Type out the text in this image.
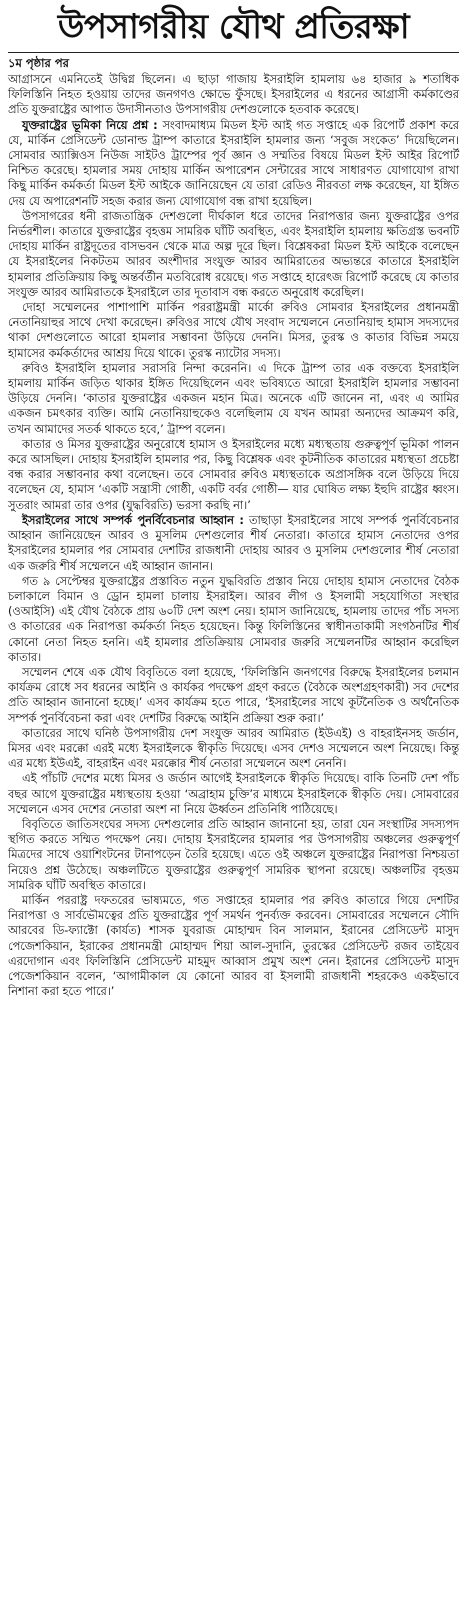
উপসাগরীয় যৌথ প্রতিরক্ষা
১ম পৃষ্ঠার পর

আগ্রাসনে এমনিতেই উদ্বিগ্ন ছিলেন। এ ছাড়া গাজায় ইসরাইলি হামলায় ৬৪ হাজার ৯ শতাধিক ফিলিস্তিনি নিহত হওয়ায় তাদের জনগণও ক্ষোভে ফুঁসছে। ইসরাইলের এ ধরনের আগ্রাসী কর্মকাণ্ডের প্রতি যুক্তরাষ্ট্রের আপাত উদাসীনতাও উপসাগরীয় দেশগুলোকে হতবাক করেছে।

যুক্তরাষ্ট্রের ভূমিকা নিয়ে প্রশ্ন : সংবাদমাধ্যম মিডল ইস্ট আই গত সপ্তাহে এক রিপোর্ট প্রকাশ করে যে, মার্কিন প্রেসিডেন্ট ডোনাল্ড ট্রাম্প কাতারে ইসরাইলি হামলার জন্য ‘সবুজ সংকেত’ দিয়েছিলেন। সোমবার অ্যাক্সিওস নিউজ সাইটও ট্রাম্পের পূর্ব জ্ঞান ও সম্মতির বিষয়ে মিডল ইস্ট আইর রিপোর্ট নিশ্চিত করেছে। হামলার সময় দোহায় মার্কিন অপারেশন সেন্টারের সাথে সাধারণত যোগাযোগ রাখা কিছু মার্কিন কর্মকর্তা মিডল ইস্ট আইকে জানিয়েছেন যে তারা রেডিও নীরবতা লক্ষ করেছেন, যা ইঙ্গিত দেয় যে অপারেশনটি সহজ করার জন্য যোগাযোগ বন্ধ রাখা হয়েছিল।

উপসাগরের ধনী রাজতান্ত্রিক দেশগুলো দীর্ঘকাল ধরে তাদের নিরাপত্তার জন্য যুক্তরাষ্ট্রের ওপর নির্ভরশীল। কাতারে যুক্তরাষ্ট্রের বৃহত্তম সামরিক ঘাঁটি অবস্থিত, এবং ইসরাইলি হামলায় ক্ষতিগ্রস্ত ভবনটি দোহায় মার্কিন রাষ্ট্রদূতের বাসভবন থেকে মাত্র অল্প দূরে ছিল। বিশ্লেষকরা মিডল ইস্ট আইকে বলেছেন যে ইসরাইলের নিকটতম আরব অংশীদার সংযুক্ত আরব আমিরাতের অভ্যন্তরে কাতারে ইসরাইলি হামলার প্রতিক্রিয়ায় কিছু অন্তর্বর্তীন মতবিরোধ রয়েছে। গত সপ্তাহে হারেৎজ রিপোর্ট করেছে যে কাতার সংযুক্ত আরব আমিরাতকে ইসরাইলে তার দূতাবাস বন্ধ করতে অনুরোধ করেছিল।

দোহা সম্মেলনের পাশাপাশি মার্কিন পররাষ্ট্রমন্ত্রী মার্কো রুবিও সোমবার ইসরাইলের প্রধানমন্ত্রী নেতানিয়াহুর সাথে দেখা করেছেন। রুবিওর সাথে যৌথ সংবাদ সম্মেলনে নেতানিয়াহু হামাস সদস্যদের থাকা দেশগুলোতে আরো হামলার সম্ভাবনা উড়িয়ে দেননি। মিসর, তুরস্ক ও কাতার বিভিন্ন সময়ে হামাসের কর্মকর্তাদের আশ্রয় দিয়ে থাকে। তুরস্ক ন্যাটোর সদস্য।

রুবিও ইসরাইলি হামলার সরাসরি নিন্দা করেননি। এ দিকে ট্রাম্প তার এক বক্তব্যে ইসরাইলি হামলায় মার্কিন জড়িত থাকার ইঙ্গিত দিয়েছিলেন এবং ভবিষ্যতে আরো ইসরাইলি হামলার সম্ভাবনা উড়িয়ে দেননি। ‘কাতার যুক্তরাষ্ট্রের একজন মহান মিত্র। অনেকে এটি জানেন না, এবং এ আমির একজন চমৎকার ব্যক্তি। আমি নেতানিয়াহুকেও বলেছিলাম যে যখন আমরা অন্যদের আক্রমণ করি, তখন আমাদের সতর্ক থাকতে হবে,’ ট্রাম্প বলেন।

কাতার ও মিসর যুক্তরাষ্ট্রের অনুরোধে হামাস ও ইসরাইলের মধ্যে মধ্যস্থতায় গুরুত্বপূর্ণ ভূমিকা পালন করে আসছিল। দোহায় ইসরাইলি হামলার পর, কিছু বিশ্লেষক এবং কূটনীতিক কাতারের মধ্যস্থতা প্রচেষ্টা বন্ধ করার সম্ভাবনার কথা বলেছেন। তবে সোমবার রুবিও মধ্যস্থতাকে অপ্রাসঙ্গিক বলে উড়িয়ে দিয়ে বলেছেন যে, হামাস ‘একটি সন্ত্রাসী গোষ্ঠী, একটি বর্বর গোষ্ঠী— যার ঘোষিত লক্ষ্য ইহুদি রাষ্ট্রের ধ্বংস। সুতরাং আমরা তার ওপর (যুদ্ধবিরতি) ভরসা করছি না।’

ইসরাইলের সাথে সম্পর্ক পুনর্বিবেচনার আহ্বান : তাছাড়া ইসরাইলের সাথে সম্পর্ক পুনর্বিবেচনার আহ্বান জানিয়েছেন আরব ও মুসলিম দেশগুলোর শীর্ষ নেতারা। কাতারে হামাস নেতাদের ওপর ইসরাইলের হামলার পর সোমবার দেশটির রাজধানী দোহায় আরব ও মুসলিম দেশগুলোর শীর্ষ নেতারা এক জরুরি শীর্ষ সম্মেলনে এই আহ্বান জানান।

গত ৯ সেপ্টেম্বর যুক্তরাষ্ট্রের প্রস্তাবিত নতুন যুদ্ধবিরতি প্রস্তাব নিয়ে দোহায় হামাস নেতাদের বৈঠক চলাকালে বিমান ও ড্রোন হামলা চালায় ইসরাইল। আরব লীগ ও ইসলামী সহযোগিতা সংস্থার (ওআইসি) এই যৌথ বৈঠকে প্রায় ৬০টি দেশ অংশ নেয়। হামাস জানিয়েছে, হামলায় তাদের পাঁচ সদস্য ও কাতারের এক নিরাপত্তা কর্মকর্তা নিহত হয়েছেন। কিন্তু ফিলিস্তিনের স্বাধীনতাকামী সংগঠনটির শীর্ষ কোনো নেতা নিহত হননি। এই হামলার প্রতিক্রিয়ায় সোমবার জরুরি সম্মেলনটির আহ্বান করেছিল কাতার।

সম্মেলন শেষে এক যৌথ বিবৃতিতে বলা হয়েছে, ‘ফিলিস্তিনি জনগণের বিরুদ্ধে ইসরাইলের চলমান কার্যক্রম রোধে সব ধরনের আইনি ও কার্যকর পদক্ষেপ গ্রহণ করতে (বৈঠকে অংশগ্রহণকারী) সব দেশের প্রতি আহ্বান জানানো হচ্ছে।’ এসব কার্যক্রম হতে পারে, ‘ইসরাইলের সাথে কূটনৈতিক ও অর্থনৈতিক সম্পর্ক পুনর্বিবেচনা করা এবং দেশটির বিরুদ্ধে আইনি প্রক্রিয়া শুরু করা।’

কাতারের সাথে ঘনিষ্ঠ উপসাগরীয় দেশ সংযুক্ত আরব আমিরাত (ইউএই) ও বাহরাইনসহ জর্ডান, মিসর এবং মরক্কো এরই মধ্যে ইসরাইলকে স্বীকৃতি দিয়েছে। এসব দেশও সম্মেলনে অংশ নিয়েছে। কিন্তু এর মধ্যে ইউএই, বাহরাইন এবং মরক্কোর শীর্ষ নেতারা সম্মেলনে অংশ নেননি।

এই পাঁচটি দেশের মধ্যে মিসর ও জর্ডান আগেই ইসরাইলকে স্বীকৃতি দিয়েছে। বাকি তিনটি দেশ পাঁচ বছর আগে যুক্তরাষ্ট্রের মধ্যস্থতায় হওয়া ‘অব্রাহাম চুক্তি’র মাধ্যমে ইসরাইলকে স্বীকৃতি দেয়। সোমবারের সম্মেলনে এসব দেশের নেতারা অংশ না নিয়ে ঊর্ধ্বতন প্রতিনিধি পাঠিয়েছে।

বিবৃতিতে জাতিসংঘের সদস্য দেশগুলোর প্রতি আহ্বান জানানো হয়, তারা যেন সংস্থাটির সদস্যপদ স্থগিত করতে সম্মিত পদক্ষেপ নেয়। দোহায় ইসরাইলের হামলার পর উপসাগরীয় অঞ্চলের গুরুত্বপূর্ণ মিত্রদের সাথে ওয়াশিংটনের টানাপড়েন তৈরি হয়েছে। এতে ওই অঞ্চলে যুক্তরাষ্ট্রের নিরাপত্তা নিশ্চয়তা নিয়েও প্রশ্ন উঠেছে। অঞ্চলটিতে যুক্তরাষ্ট্রের গুরুত্বপূর্ণ সামরিক স্থাপনা রয়েছে। অঞ্চলটির বৃহত্তম সামরিক ঘাঁটি অবস্থিত কাতারে।

মার্কিন পররাষ্ট্র দফতরের ভাষ্যমতে, গত সপ্তাহের হামলার পর রুবিও কাতারে গিয়ে দেশটির নিরাপত্তা ও সার্বভৌমত্বের প্রতি যুক্তরাষ্ট্রের পূর্ণ সমর্থন পুনর্ব্যক্ত করবেন। সোমবারের সম্মেলনে সৌদি আরবের ডি-ফ্যাক্টো (কার্যত) শাসক যুবরাজ মোহাম্মদ বিন সালমান, ইরানের প্রেসিডেন্ট মাসুদ পেজেশকিয়ান, ইরাকের প্রধানমন্ত্রী মোহাম্মদ শিয়া আল-সুদানি, তুরস্কের প্রেসিডেন্ট রজব তাইয়েব এরদোগান এবং ফিলিস্তিনি প্রেসিডেন্ট মাহমুদ আব্বাস প্রমুখ অংশ নেন। ইরানের প্রেসিডেন্ট মাসুদ পেজেশকিয়ান বলেন, ‘আগামীকাল যে কোনো আরব বা ইসলামী রাজধানী শহরকেও একইভাবে নিশানা করা হতে পারে।’
